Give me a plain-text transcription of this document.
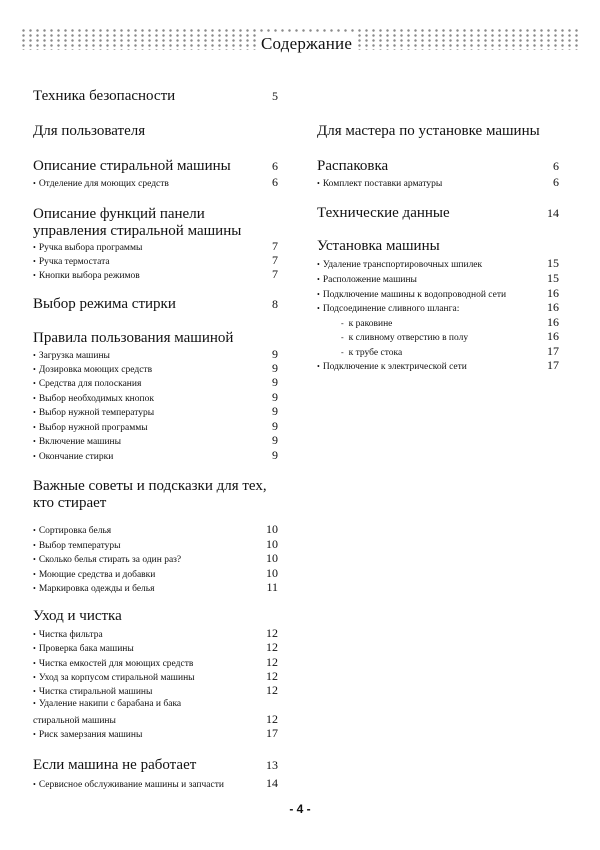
Содержание
Техника безопасности	5
Для пользователя
Описание стиральной машины	6
• Отделение для моющих средств	6
Описание функций панели
управления стиральной машины
• Ручка выбора программы	7
• Ручка термостата	7
• Кнопки выбора режимов	7
Выбор режима стирки	8
Правила пользования машиной
• Загрузка машины	9
• Дозировка моющих средств	9
• Средства для полоскания	9
• Выбор необходимых кнопок	9
• Выбор нужной температуры	9
• Выбор нужной программы	9
• Включение машины	9
• Окончание стирки	9
Важные советы и подсказки для тех,
кто стирает
• Сортировка белья	10
• Выбор температуры	10
• Сколько белья стирать за один раз?	10
• Моющие средства и добавки	10
• Маркировка одежды и белья	11
Уход и чистка
• Чистка фильтра	12
• Проверка бака машины	12
• Чистка емкостей для моющих средств	12
• Уход за корпусом стиральной машины	12
• Чистка стиральной машины	12
• Удаление накипи с барабана и бака
стиральной машины	12
• Риск замерзания машины	17
Если машина не работает	13
• Сервисное обслуживание машины и запчасти	14
Для мастера по установке машины
Распаковка	6
• Комплект поставки арматуры	6
Технические данные	14
Установка машины
• Удаление транспортировочных шпилек	15
• Расположение машины	15
• Подключение машины к водопроводной сети	16
• Подсоединение сливного шланга:	16
- к раковине	16
- к сливному отверстию в полу	16
- к трубе стока	17
• Подключение к электрической сети	17
- 4 -
